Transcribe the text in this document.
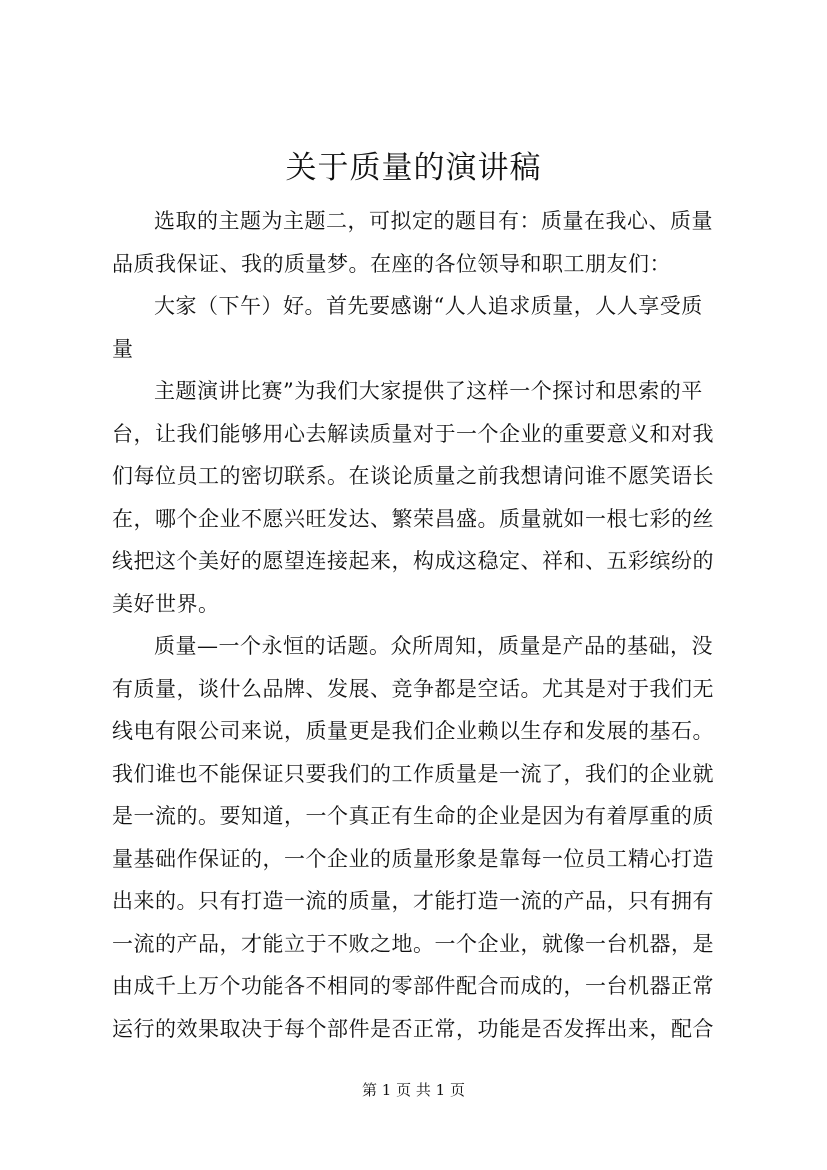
关于质量的演讲稿

选取的主题为主题二，可拟定的题目有：质量在我心、质量品质我保证、我的质量梦。在座的各位领导和职工朋友们：

大家（下午）好。首先要感谢“人人追求质量，人人享受质量

主题演讲比赛”为我们大家提供了这样一个探讨和思索的平台，让我们能够用心去解读质量对于一个企业的重要意义和对我们每位员工的密切联系。在谈论质量之前我想请问谁不愿笑语长在，哪个企业不愿兴旺发达、繁荣昌盛。质量就如一根七彩的丝线把这个美好的愿望连接起来，构成这稳定、祥和、五彩缤纷的美好世界。

质量—一个永恒的话题。众所周知，质量是产品的基础，没有质量，谈什么品牌、发展、竞争都是空话。尤其是对于我们无线电有限公司来说，质量更是我们企业赖以生存和发展的基石。我们谁也不能保证只要我们的工作质量是一流了，我们的企业就是一流的。要知道，一个真正有生命的企业是因为有着厚重的质量基础作保证的，一个企业的质量形象是靠每一位员工精心打造出来的。只有打造一流的质量，才能打造一流的产品，只有拥有一流的产品，才能立于不败之地。一个企业，就像一台机器，是由成千上万个功能各不相同的零部件配合而成的，一台机器正常运行的效果取决于每个部件是否正常，功能是否发挥出来，配合

第 1 页 共 1 页
